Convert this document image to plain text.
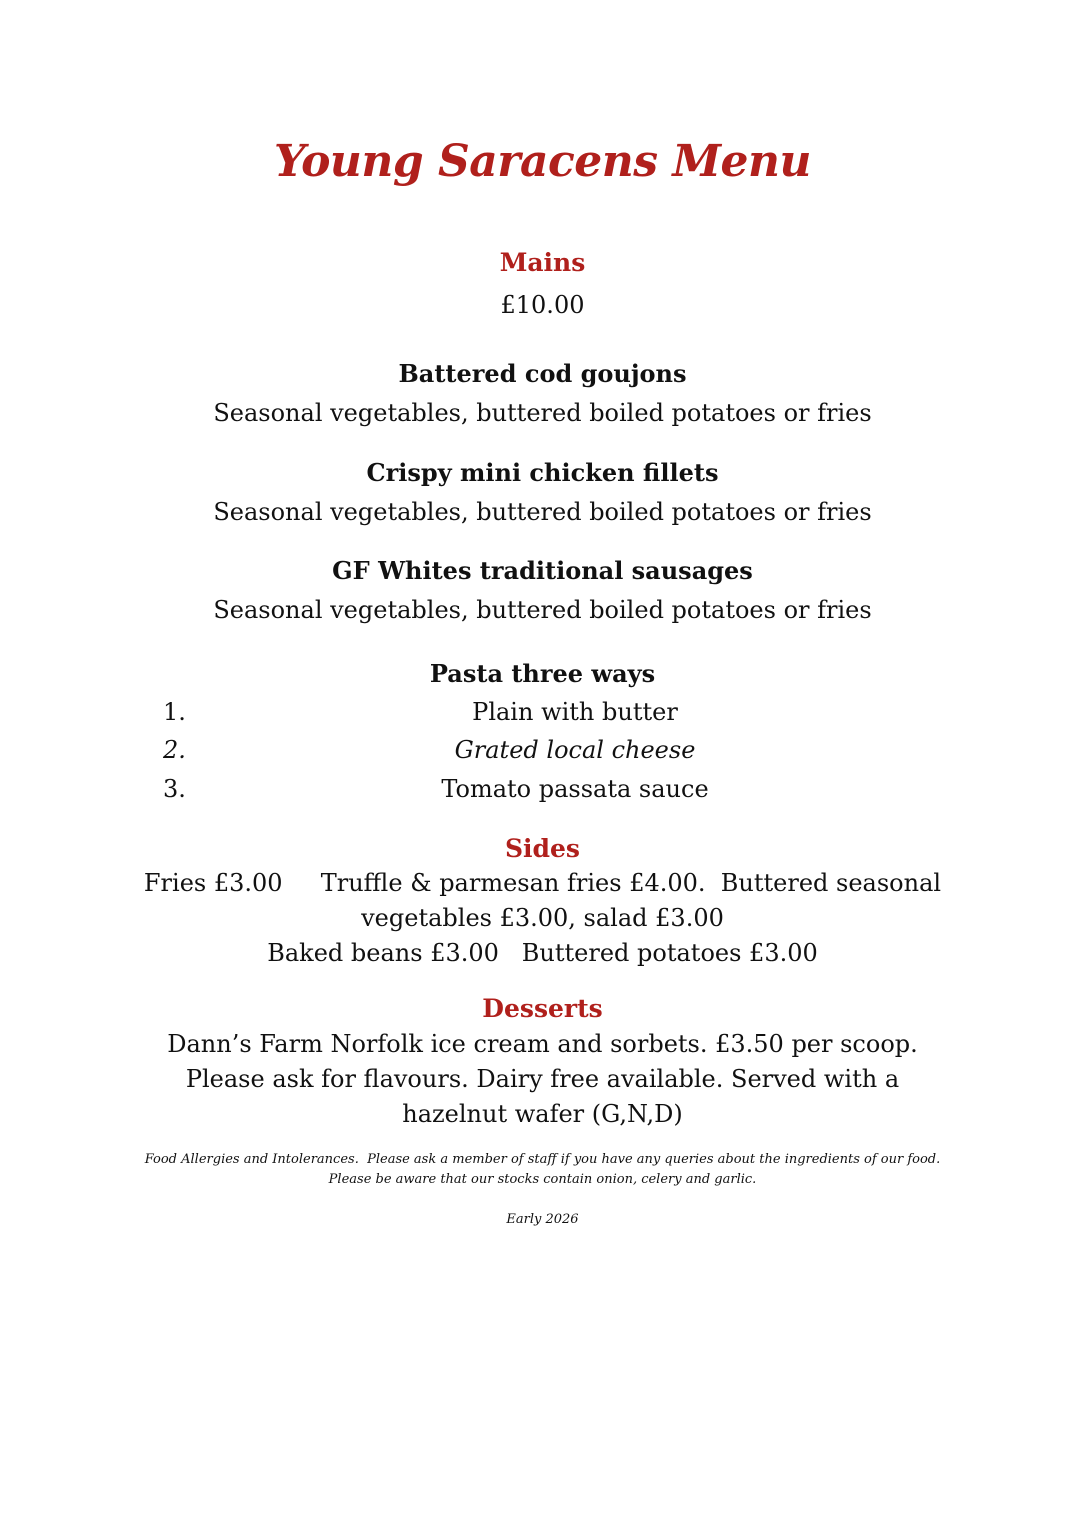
Young Saracens Menu
Mains
£10.00
Battered cod goujons
Seasonal vegetables, buttered boiled potatoes or fries
Crispy mini chicken fillets
Seasonal vegetables, buttered boiled potatoes or fries
GF Whites traditional sausages
Seasonal vegetables, buttered boiled potatoes or fries
Pasta three ways
1.	Plain with butter
2.	Grated local cheese
3.	Tomato passata sauce
Sides
Fries £3.00     Truffle & parmesan fries £4.00.  Buttered seasonal
vegetables £3.00, salad £3.00
Baked beans £3.00   Buttered potatoes £3.00
Desserts
Dann’s Farm Norfolk ice cream and sorbets. £3.50 per scoop.
Please ask for flavours. Dairy free available. Served with a
hazelnut wafer (G,N,D)
Food Allergies and Intolerances.  Please ask a member of staff if you have any queries about the ingredients of our food.
Please be aware that our stocks contain onion, celery and garlic.
Early 2026
